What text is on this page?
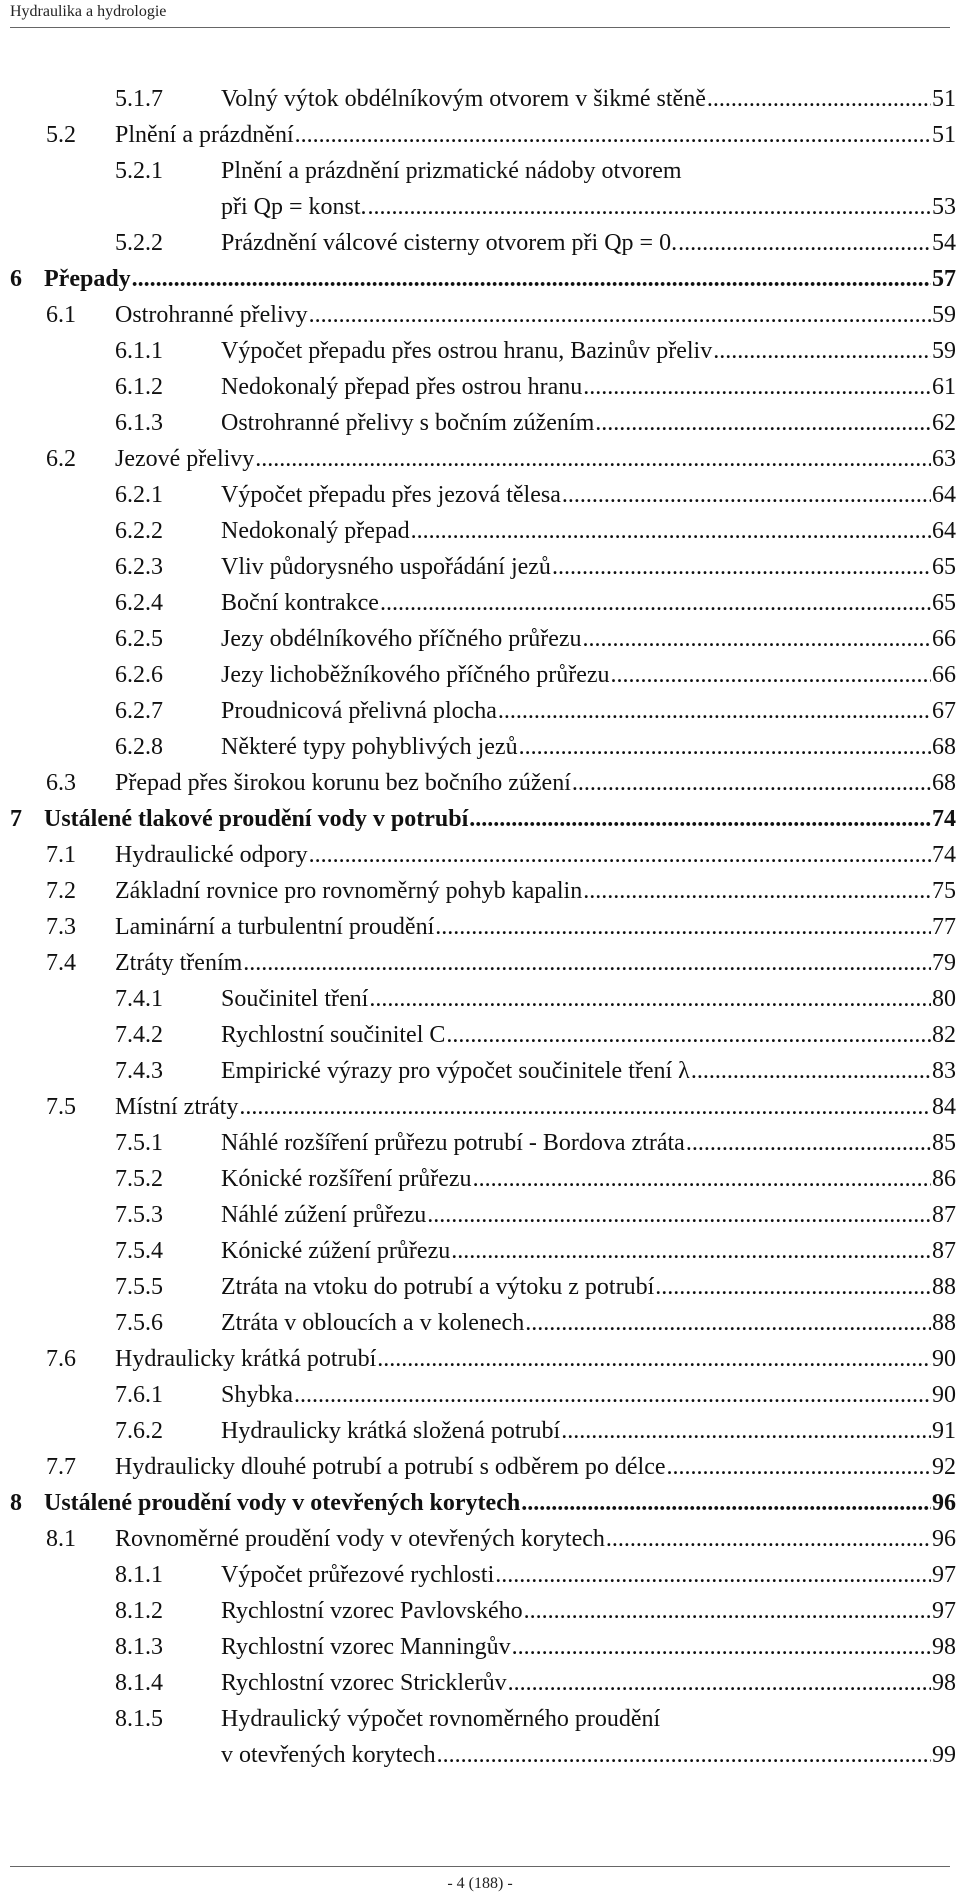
Hydraulika a hydrologie
5.1.7 Volný výtok obdélníkovým otvorem v šikmé stěně .....	51
5.2 Plnění a prázdnění .....	51
5.2.1 Plnění a prázdnění prizmatické nádoby otvorem
při Qp = konst. .....	53
5.2.2 Prázdnění válcové cisterny otvorem při Qp = 0. .....	54
6 Přepady .....	57
6.1 Ostrohranné přelivy .....	59
6.1.1 Výpočet přepadu přes ostrou hranu, Bazinův přeliv .....	59
6.1.2 Nedokonalý přepad přes ostrou hranu .....	61
6.1.3 Ostrohranné přelivy s bočním zúžením .....	62
6.2 Jezové přelivy .....	63
6.2.1 Výpočet přepadu přes jezová tělesa .....	64
6.2.2 Nedokonalý přepad .....	64
6.2.3 Vliv půdorysného uspořádání jezů .....	65
6.2.4 Boční kontrakce .....	65
6.2.5 Jezy obdélníkového příčného průřezu .....	66
6.2.6 Jezy lichoběžníkového příčného průřezu .....	66
6.2.7 Proudnicová přelivná plocha .....	67
6.2.8 Některé typy pohyblivých jezů .....	68
6.3 Přepad přes širokou korunu bez bočního zúžení .....	68
7 Ustálené tlakové proudění vody v potrubí .....	74
7.1 Hydraulické odpory .....	74
7.2 Základní rovnice pro rovnoměrný pohyb kapalin .....	75
7.3 Laminární a turbulentní proudění .....	77
7.4 Ztráty třením .....	79
7.4.1 Součinitel tření .....	80
7.4.2 Rychlostní součinitel C .....	82
7.4.3 Empirické výrazy pro výpočet součinitele tření λ .....	83
7.5 Místní ztráty .....	84
7.5.1 Náhlé rozšíření průřezu potrubí - Bordova ztráta .....	85
7.5.2 Kónické rozšíření průřezu .....	86
7.5.3 Náhlé zúžení průřezu .....	87
7.5.4 Kónické zúžení průřezu .....	87
7.5.5 Ztráta na vtoku do potrubí a výtoku z potrubí .....	88
7.5.6 Ztráta v obloucích a v kolenech .....	88
7.6 Hydraulicky krátká potrubí .....	90
7.6.1 Shybka .....	90
7.6.2 Hydraulicky krátká složená potrubí .....	91
7.7 Hydraulicky dlouhé potrubí a potrubí s odběrem po délce .....	92
8 Ustálené proudění vody v otevřených korytech .....	96
8.1 Rovnoměrné proudění vody v otevřených korytech .....	96
8.1.1 Výpočet průřezové rychlosti .....	97
8.1.2 Rychlostní vzorec Pavlovského .....	97
8.1.3 Rychlostní vzorec Manningův .....	98
8.1.4 Rychlostní vzorec Stricklerův .....	98
8.1.5 Hydraulický výpočet rovnoměrného proudění
v otevřených korytech .....	99
- 4 (188) -
